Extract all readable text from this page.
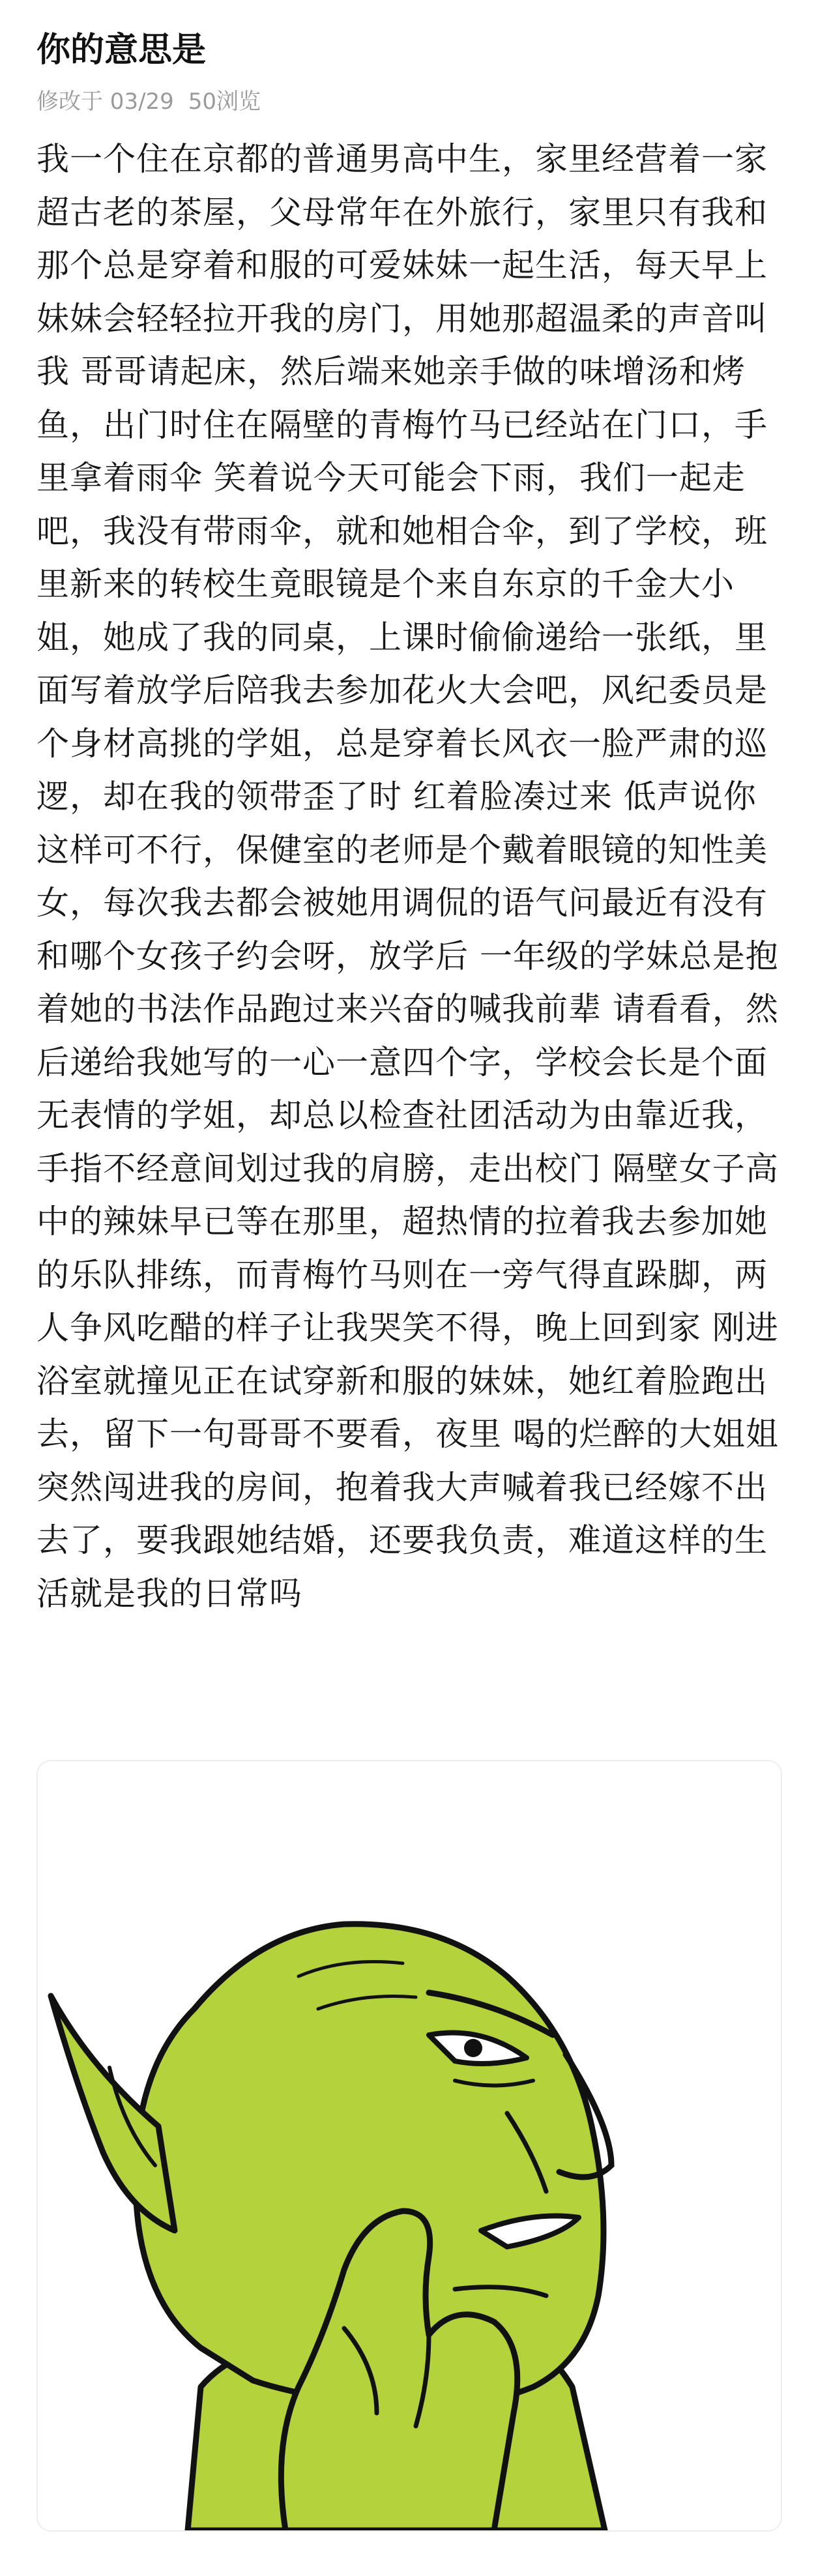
你的意思是
修改于 03/29 50浏览

我一个住在京都的普通男高中生，家里经营着一家超古老的茶屋，父母常年在外旅行，家里只有我和那个总是穿着和服的可爱妹妹一起生活，每天早上妹妹会轻轻拉开我的房门，用她那超温柔的声音叫我 哥哥请起床，然后端来她亲手做的味增汤和烤鱼，出门时住在隔壁的青梅竹马已经站在门口，手里拿着雨伞 笑着说今天可能会下雨，我们一起走吧，我没有带雨伞，就和她相合伞，到了学校，班里新来的转校生竟眼镜是个来自东京的千金大小姐，她成了我的同桌，上课时偷偷递给一张纸，里面写着放学后陪我去参加花火大会吧，风纪委员是个身材高挑的学姐，总是穿着长风衣一脸严肃的巡逻，却在我的领带歪了时 红着脸凑过来 低声说你这样可不行，保健室的老师是个戴着眼镜的知性美女，每次我去都会被她用调侃的语气问最近有没有和哪个女孩子约会呀，放学后 一年级的学妹总是抱着她的书法作品跑过来兴奋的喊我前辈 请看看，然后递给我她写的一心一意四个字，学校会长是个面无表情的学姐，却总以检查社团活动为由靠近我，手指不经意间划过我的肩膀，走出校门 隔壁女子高中的辣妹早已等在那里，超热情的拉着我去参加她的乐队排练，而青梅竹马则在一旁气得直跺脚，两人争风吃醋的样子让我哭笑不得，晚上回到家 刚进浴室就撞见正在试穿新和服的妹妹，她红着脸跑出去，留下一句哥哥不要看，夜里 喝的烂醉的大姐姐突然闯进我的房间，抱着我大声喊着我已经嫁不出去了，要我跟她结婚，还要我负责，难道这样的生活就是我的日常吗
